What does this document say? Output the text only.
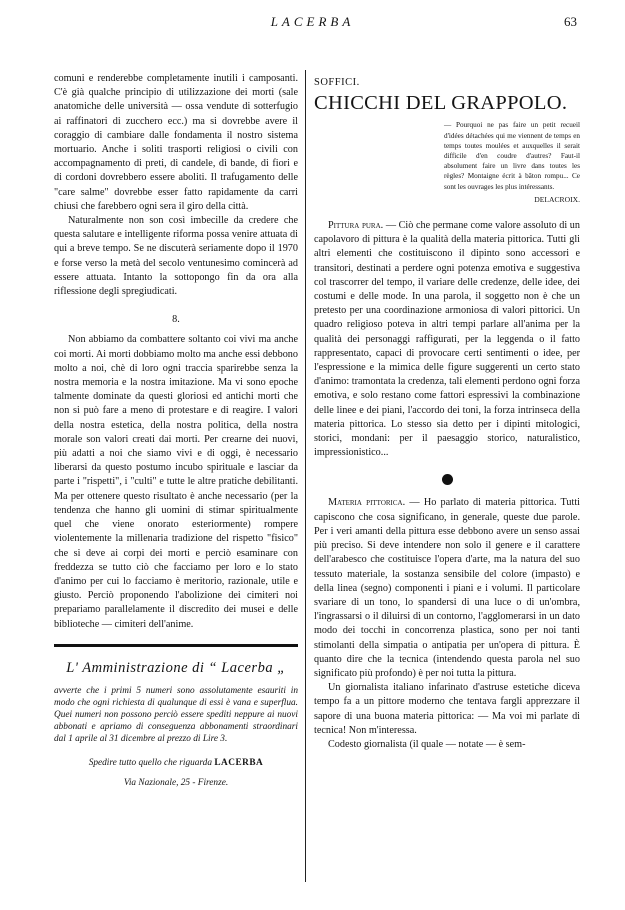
LACERBA	63

comuni e renderebbe completamente inutili i camposanti. C'è già qualche principio di utilizzazione dei morti (sale anatomiche delle università — ossa vendute di sotterfugio ai raffinatori di zucchero ecc.) ma si dovrebbe avere il coraggio di cambiare dalle fondamenta il nostro sistema mortuario. Anche i soliti trasporti religiosi o civili con accompagnamento di preti, di candele, di bande, di fiori e di cordoni dovrebbero essere aboliti. Il trafugamento delle "care salme" dovrebbe esser fatto rapidamente da carri chiusi che farebbero ogni sera il giro della città.

Naturalmente non son così imbecille da credere che questa salutare e intelligente riforma possa venire attuata di qui a breve tempo. Se ne discuterà seriamente dopo il 1970 e forse verso la metà del secolo ventunesimo comincerà ad essere attuata. Intanto la sottopongo fin da ora alla riflessione degli spregiudicati.

8.

Non abbiamo da combattere soltanto coi vivi ma anche coi morti. Ai morti dobbiamo molto ma anche essi debbono molto a noi, chè di loro ogni traccia sparirebbe senza la nostra memoria e la nostra imitazione. Ma vi sono epoche talmente dominate da questi gloriosi ed antichi morti che non si può fare a meno di protestare e di reagire. I valori della nostra estetica, della nostra politica, della nostra morale son valori creati dai morti. Per crearne dei nuovi, più adatti a noi che siamo vivi e di oggi, è necessario liberarsi da questo postumo incubo spirituale e lasciar da parte i "rispetti", i "culti" e tutte le altre pratiche debilitanti. Ma per ottenere questo risultato è anche necessario (per la tendenza che hanno gli uomini di stimar spiritualmente quel che viene onorato esteriormente) rompere violentemente la millenaria tradizione del rispetto "fisico" che si deve ai corpi dei morti e perciò esaminare con freddezza se tutto ciò che facciamo per loro e lo stato d'animo per cui lo facciamo è meritorio, razionale, utile e giusto. Perciò proponendo l'abolizione dei cimiteri noi prepariamo parallelamente il discredito dei musei e delle biblioteche — cimiteri dell'anime.

L' Amministrazione di “ Lacerba „
avverte che i primi 5 numeri sono assolutamente esauriti in modo che ogni richiesta di qualunque di essi è vana e superflua. Quei numeri non possono perciò essere spediti neppure ai nuovi abbonati e apriamo di conseguenza abbonamenti straordinari dal 1 aprile al 31 dicembre al prezzo di Lire 3.
Spedire tutto quello che riguarda LACERBA
Via Nazionale, 25 - Firenze.
SOFFICI.
CHICCHI DEL GRAPPOLO.
— Pourquoi ne pas faire un petit recueil d'idées détachées qui me viennent de temps en temps toutes moulées et auxquelles il serait difficile d'en coudre d'autres? Faut-il absolument faire un livre dans toutes les règles? Montaigne écrit à bâton rompu... Ce sont les ouvrages les plus intéressants.
DELACROIX.

Pittura pura. — Ciò che permane come valore assoluto di un capolavoro di pittura è la qualità della materia pittorica. Tutti gli altri elementi che costituiscono il dipinto sono accessori e transitori, destinati a perdere ogni potenza emotiva e suggestiva col trascorrer del tempo, il variare delle credenze, delle idee, dei costumi e delle mode. In una parola, il soggetto non è che un pretesto per una coordinazione armoniosa di valori pittorici. Un quadro religioso poteva in altri tempi parlare all'anima per la qualità dei personaggi raffigurati, per la leggenda o il fatto rappresentato, capaci di provocare certi sentimenti o idee, per l'espressione e la mimica delle figure suggerenti un certo stato d'animo: tramontata la credenza, tali elementi perdono ogni forza emotiva, e solo restano come fattori espressivi la combinazione delle linee e dei piani, l'accordo dei toni, la forza intrinseca della materia pittorica. Lo stesso sia detto per i dipinti mitologici, storici, mondani: per il paesaggio storico, naturalistico, impressionistico...

Materia pittorica. — Ho parlato di materia pittorica. Tutti capiscono che cosa significano, in generale, queste due parole. Per i veri amanti della pittura esse debbono avere un senso assai più preciso. Si deve intendere non solo il genere e il carattere dell'arabesco che costituisce l'opera d'arte, ma la natura del suo tessuto materiale, la sostanza sensibile del colore (impasto) e della linea (segno) componenti i piani e i volumi. Il particolare svariare di un tono, lo spandersi di una luce o di un'ombra, l'ingrassarsi o il diluirsi di un contorno, l'agglomerarsi in un dato modo dei tocchi in concorrenza plastica, sono per noi tanti stimolanti della simpatia o antipatia per un'opera di pittura. È quanto dire che la tecnica (intendendo questa parola nel suo significato più profondo) è per noi tutta la pittura.

Un giornalista italiano infarinato d'astruse estetiche diceva tempo fa a un pittore moderno che tentava fargli apprezzare il sapore di una buona materia pittorica: — Ma voi mi parlate di tecnica! Non m'interessa.

Codesto giornalista (il quale — notate — è sem-
